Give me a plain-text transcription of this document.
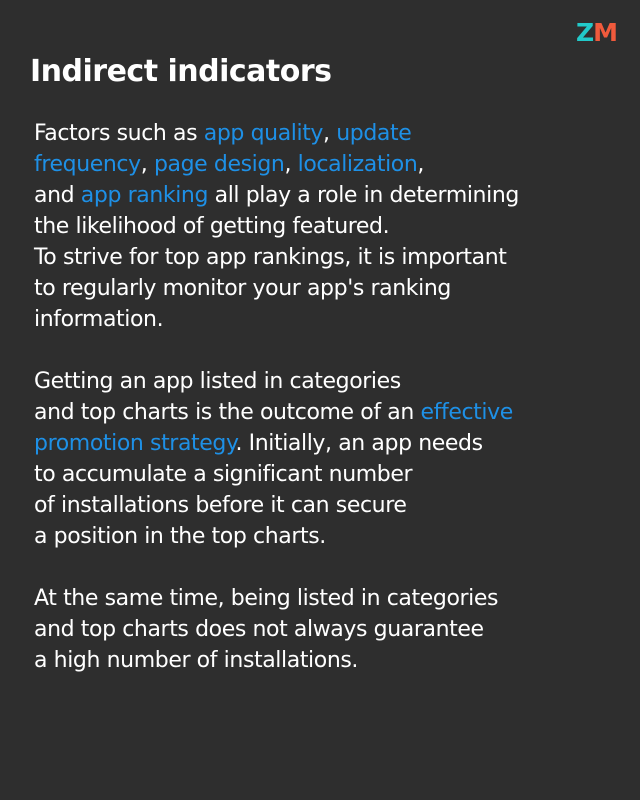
ZM
Indirect indicators

Factors such as app quality, update

frequency, page design, localization,

and app ranking all play a role in determining

the likelihood of getting featured.

To strive for top app rankings, it is important

to regularly monitor your app's ranking

information.

Getting an app listed in categories

and top charts is the outcome of an effective

promotion strategy. Initially, an app needs

to accumulate a significant number

of installations before it can secure

a position in the top charts.

At the same time, being listed in categories

and top charts does not always guarantee

a high number of installations.
